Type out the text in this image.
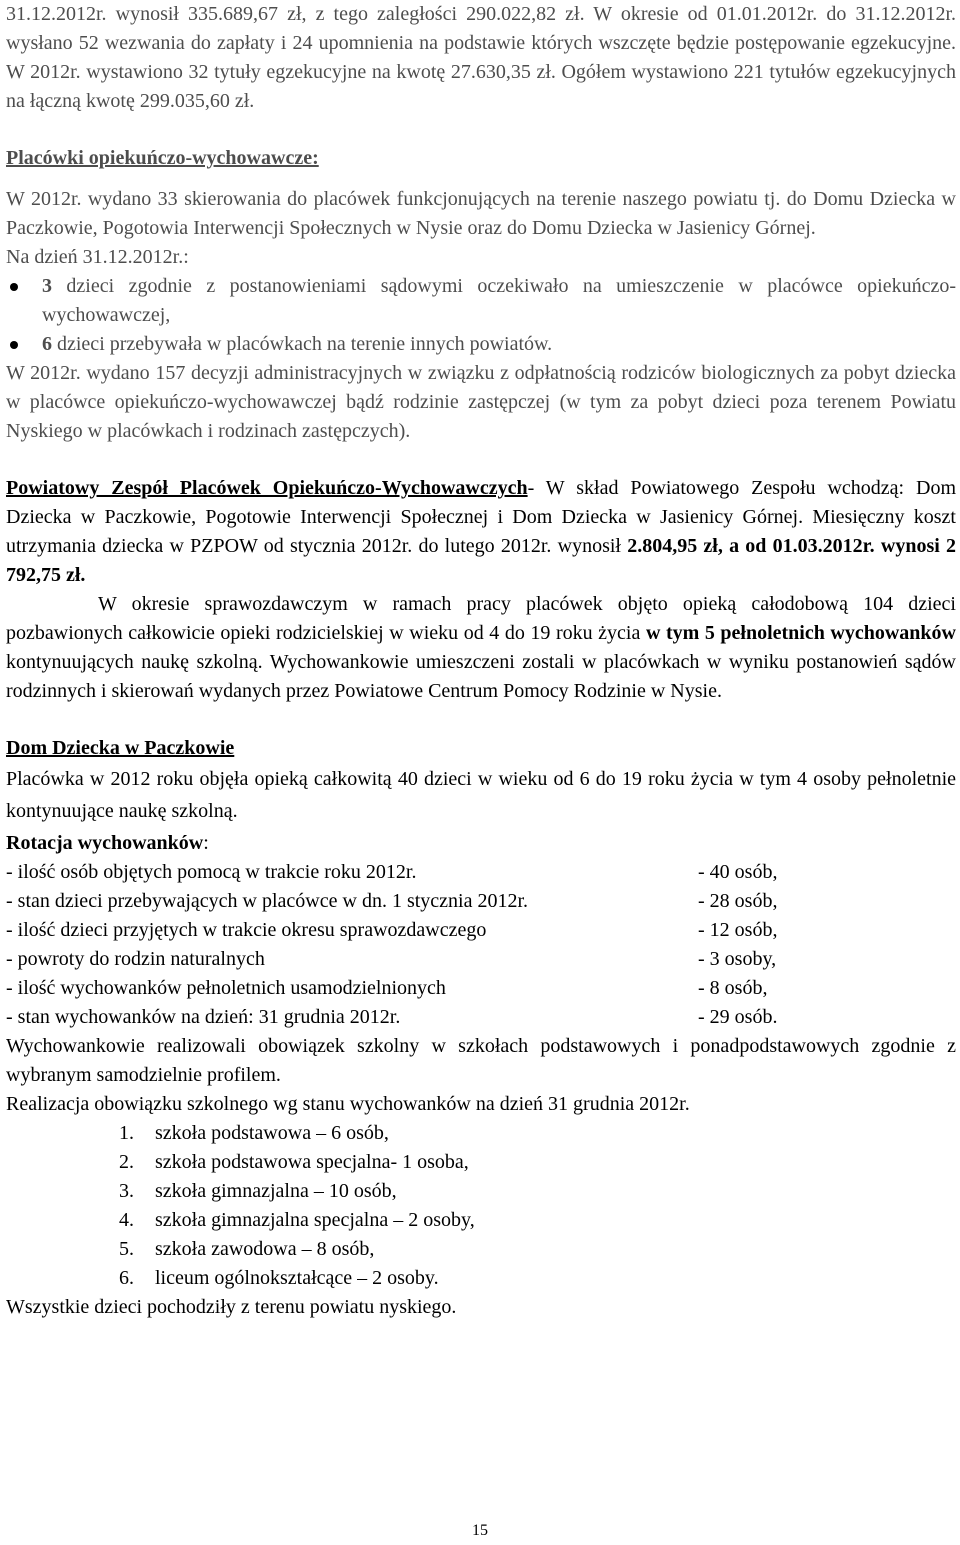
31.12.2012r. wynosił 335.689,67 zł, z tego zaległości 290.022,82 zł. W okresie od 01.01.2012r. do 31.12.2012r. wysłano 52 wezwania do zapłaty i 24 upomnienia na podstawie których wszczęte będzie postępowanie egzekucyjne. W 2012r. wystawiono 32 tytuły egzekucyjne na kwotę 27.630,35 zł. Ogółem wystawiono 221 tytułów egzekucyjnych na łączną kwotę 299.035,60 zł.

Placówki opiekuńczo-wychowawcze:

W 2012r. wydano 33 skierowania do placówek funkcjonujących na terenie naszego powiatu tj. do Domu Dziecka w Paczkowie, Pogotowia Interwencji Społecznych w Nysie oraz do Domu Dziecka w Jasienicy Górnej.

Na dzień 31.12.2012r.:

3 dzieci zgodnie z postanowieniami sądowymi oczekiwało na umieszczenie w placówce opiekuńczo-wychowawczej,
6 dzieci przebywała w placówkach na terenie innych powiatów.

W 2012r. wydano 157 decyzji administracyjnych w związku z odpłatnością rodziców biologicznych za pobyt dziecka w placówce opiekuńczo-wychowawczej bądź rodzinie zastępczej (w tym za pobyt dzieci poza terenem Powiatu Nyskiego w placówkach i rodzinach zastępczych).

Powiatowy Zespół Placówek Opiekuńczo-Wychowawczych- W skład Powiatowego Zespołu wchodzą: Dom Dziecka w Paczkowie, Pogotowie Interwencji Społecznej i Dom Dziecka w Jasienicy Górnej. Miesięczny koszt utrzymania dziecka w PZPOW od stycznia 2012r. do lutego 2012r. wynosił 2.804,95 zł, a od 01.03.2012r. wynosi 2 792,75 zł.

W okresie sprawozdawczym w ramach pracy placówek objęto opieką całodobową 104 dzieci pozbawionych całkowicie opieki rodzicielskiej w wieku od 4 do 19 roku życia w tym 5 pełnoletnich wychowanków kontynuujących naukę szkolną. Wychowankowie umieszczeni zostali w placówkach w wyniku postanowień sądów rodzinnych i skierowań wydanych przez Powiatowe Centrum Pomocy Rodzinie w Nysie.

Dom Dziecka w Paczkowie

Placówka w 2012 roku objęła opieką całkowitą 40 dzieci w wieku od 6 do 19 roku życia w tym 4 osoby pełnoletnie kontynuujące naukę szkolną.

Rotacja wychowanków:

- ilość osób objętych pomocą w trakcie roku 2012r.	- 40 osób,
- stan dzieci przebywających w placówce w dn. 1 stycznia 2012r.	- 28 osób,
- ilość dzieci przyjętych w trakcie okresu sprawozdawczego	- 12 osób,
- powroty do rodzin naturalnych	- 3 osoby,
- ilość wychowanków pełnoletnich usamodzielnionych	- 8 osób,
- stan wychowanków na dzień: 31 grudnia 2012r.	- 29 osób.

Wychowankowie realizowali obowiązek szkolny w szkołach podstawowych i ponadpodstawowych zgodnie z wybranym samodzielnie profilem.

Realizacja obowiązku szkolnego wg stanu wychowanków na dzień 31 grudnia 2012r.

1.	szkoła podstawowa – 6 osób,
2.	szkoła podstawowa specjalna- 1 osoba,
3.	szkoła gimnazjalna – 10 osób,
4.	szkoła gimnazjalna specjalna – 2 osoby,
5.	szkoła zawodowa – 8 osób,
6.	liceum ogólnokształcące – 2 osoby.

Wszystkie dzieci pochodziły z terenu powiatu nyskiego.

15
